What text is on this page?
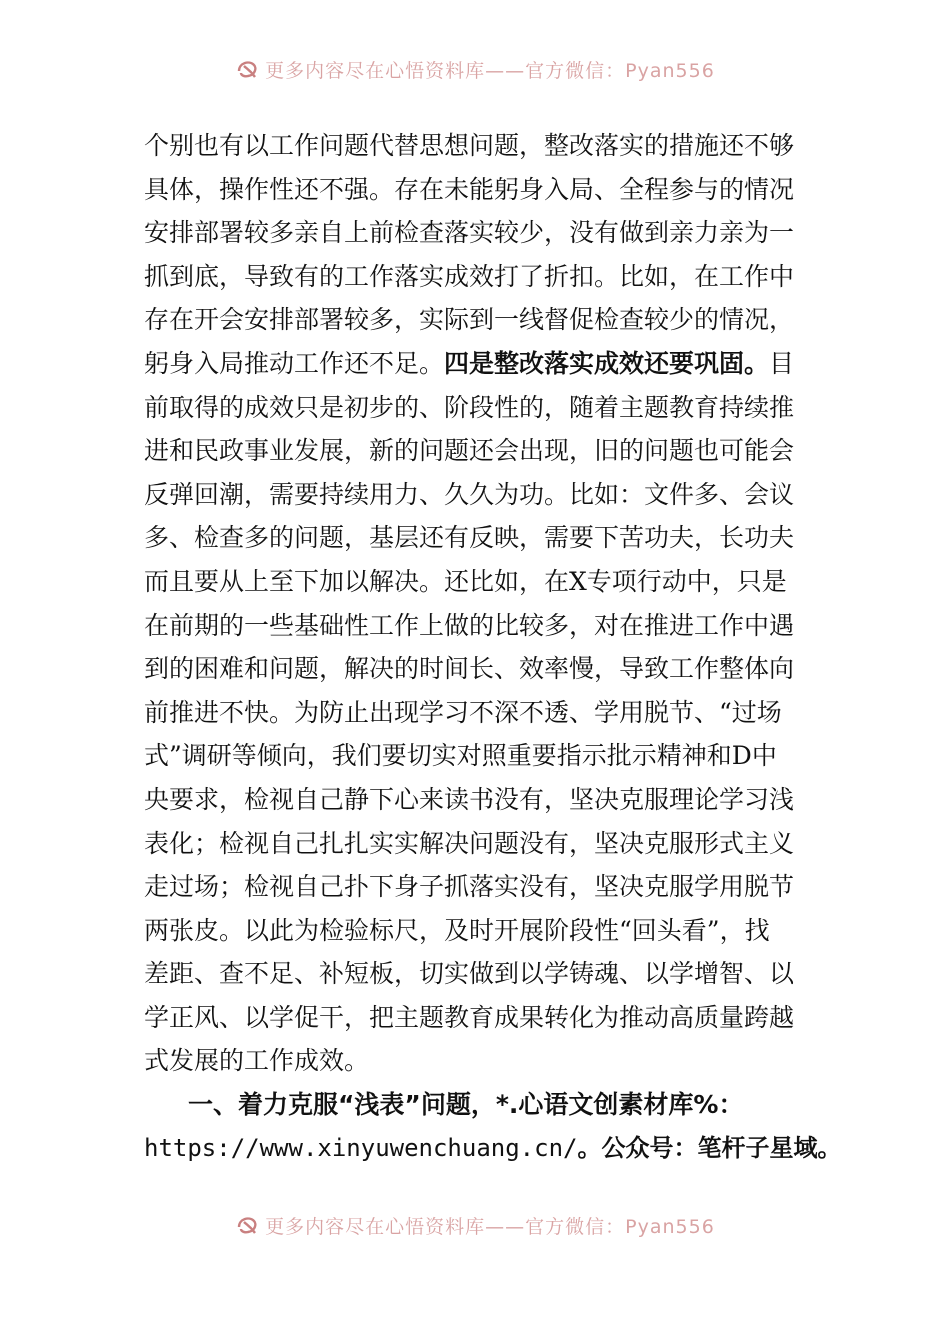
更多内容尽在心悟资料库——官方微信：Pyan556
个别也有以工作问题代替思想问题，整改落实的措施还不够
具体，操作性还不强。存在未能躬身入局、全程参与的情况
安排部署较多亲自上前检查落实较少，没有做到亲力亲为一
抓到底，导致有的工作落实成效打了折扣。比如，在工作中
存在开会安排部署较多，实际到一线督促检查较少的情况，
躬身入局推动工作还不足。四是整改落实成效还要巩固。目
前取得的成效只是初步的、阶段性的，随着主题教育持续推
进和民政事业发展，新的问题还会出现，旧的问题也可能会
反弹回潮，需要持续用力、久久为功。比如：文件多、会议
多、检查多的问题，基层还有反映，需要下苦功夫，长功夫
而且要从上至下加以解决。还比如，在X专项行动中，只是
在前期的一些基础性工作上做的比较多，对在推进工作中遇
到的困难和问题，解决的时间长、效率慢，导致工作整体向
前推进不快。为防止出现学习不深不透、学用脱节、“过场
式”调研等倾向，我们要切实对照重要指示批示精神和D中
央要求，检视自己静下心来读书没有，坚决克服理论学习浅
表化；检视自己扎扎实实解决问题没有，坚决克服形式主义
走过场；检视自己扑下身子抓落实没有，坚决克服学用脱节
两张皮。以此为检验标尺，及时开展阶段性“回头看”，找
差距、查不足、补短板，切实做到以学铸魂、以学增智、以
学正风、以学促干，把主题教育成果转化为推动高质量跨越
式发展的工作成效。
一、着力克服“浅表”问题，*.心语文创素材库%：
https://www.xinyuwenchuang.cn/。公众号：笔杆子星域。
更多内容尽在心悟资料库——官方微信：Pyan556
